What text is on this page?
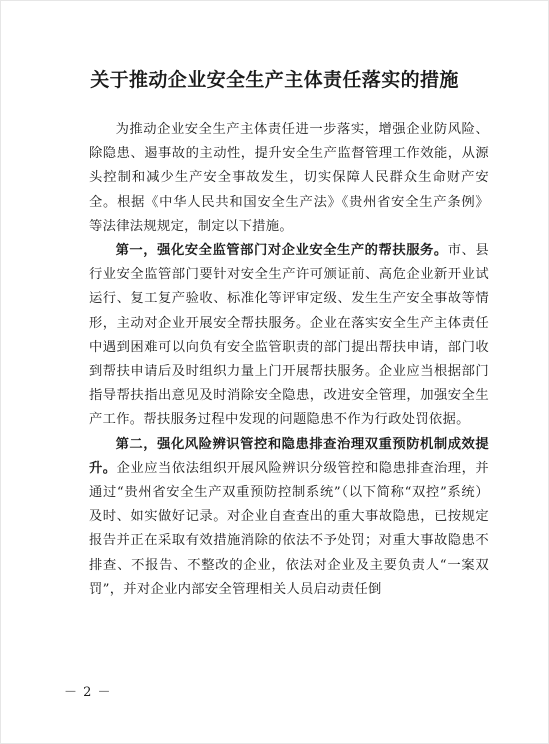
关于推动企业安全生产主体责任落实的措施

为推动企业安全生产主体责任进一步落实，增强企业防风险、除隐患、遏事故的主动性，提升安全生产监督管理工作效能，从源头控制和减少生产安全事故发生，切实保障人民群众生命财产安全。根据《中华人民共和国安全生产法》《贵州省安全生产条例》等法律法规规定，制定以下措施。

第一，强化安全监管部门对企业安全生产的帮扶服务。市、县行业安全监管部门要针对安全生产许可颁证前、高危企业新开业试运行、复工复产验收、标准化等评审定级、发生生产安全事故等情形，主动对企业开展安全帮扶服务。企业在落实安全生产主体责任中遇到困难可以向负有安全监管职责的部门提出帮扶申请，部门收到帮扶申请后及时组织力量上门开展帮扶服务。企业应当根据部门指导帮扶指出意见及时消除安全隐患，改进安全管理，加强安全生产工作。帮扶服务过程中发现的问题隐患不作为行政处罚依据。

第二，强化风险辨识管控和隐患排查治理双重预防机制成效提升。企业应当依法组织开展风险辨识分级管控和隐患排查治理，并通过“贵州省安全生产双重预防控制系统”（以下简称“双控”系统）及时、如实做好记录。对企业自查查出的重大事故隐患，已按规定报告并正在采取有效措施消除的依法不予处罚；对重大事故隐患不排查、不报告、不整改的企业，依法对企业及主要负责人“一案双罚”，并对企业内部安全管理相关人员启动责任倒

－ 2 －
